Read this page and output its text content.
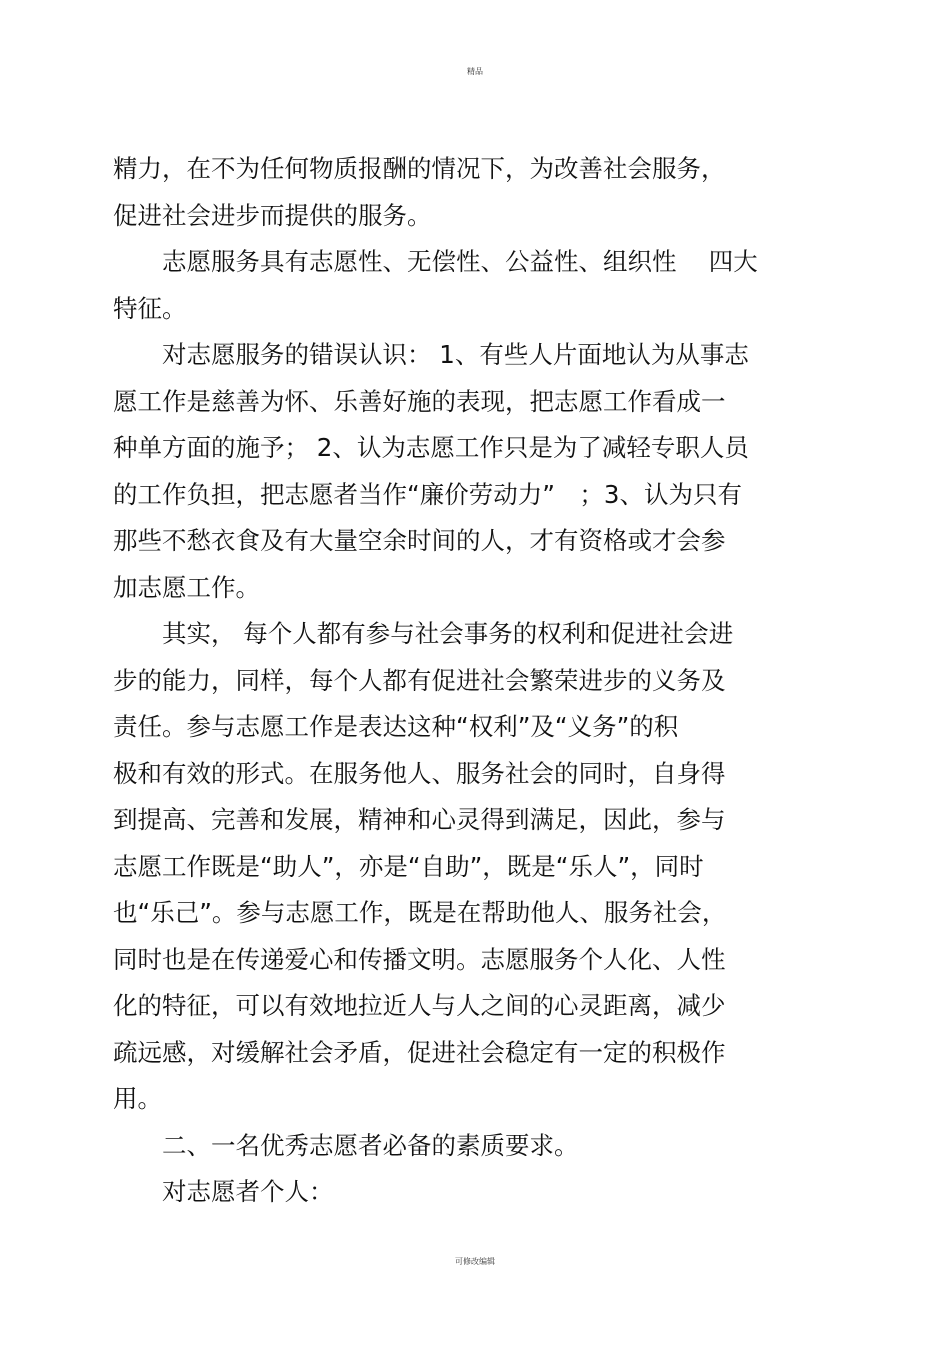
精品
精力，在不为任何物质报酬的情况下，为改善社会服务，
促进社会进步而提供的服务。
　　志愿服务具有志愿性、无偿性、公益性、组织性　 四大
特征。
　　对志愿服务的错误认识： 1、有些人片面地认为从事志
愿工作是慈善为怀、乐善好施的表现，把志愿工作看成一
种单方面的施予； 2、认为志愿工作只是为了减轻专职人员
的工作负担，把志愿者当作“廉价劳动力”　；3、认为只有
那些不愁衣食及有大量空余时间的人，才有资格或才会参
加志愿工作。
　　其实， 每个人都有参与社会事务的权利和促进社会进
步的能力，同样，每个人都有促进社会繁荣进步的义务及
责任。参与志愿工作是表达这种“权利”及“义务”的积
极和有效的形式。在服务他人、服务社会的同时，自身得
到提高、完善和发展，精神和心灵得到满足，因此，参与
志愿工作既是“助人”，亦是“自助”，既是“乐人”，同时
也“乐己”。参与志愿工作，既是在帮助他人、服务社会，
同时也是在传递爱心和传播文明。志愿服务个人化、人性
化的特征，可以有效地拉近人与人之间的心灵距离，减少
疏远感，对缓解社会矛盾，促进社会稳定有一定的积极作
用。
　　二、一名优秀志愿者必备的素质要求。
　　对志愿者个人：
可修改编辑
